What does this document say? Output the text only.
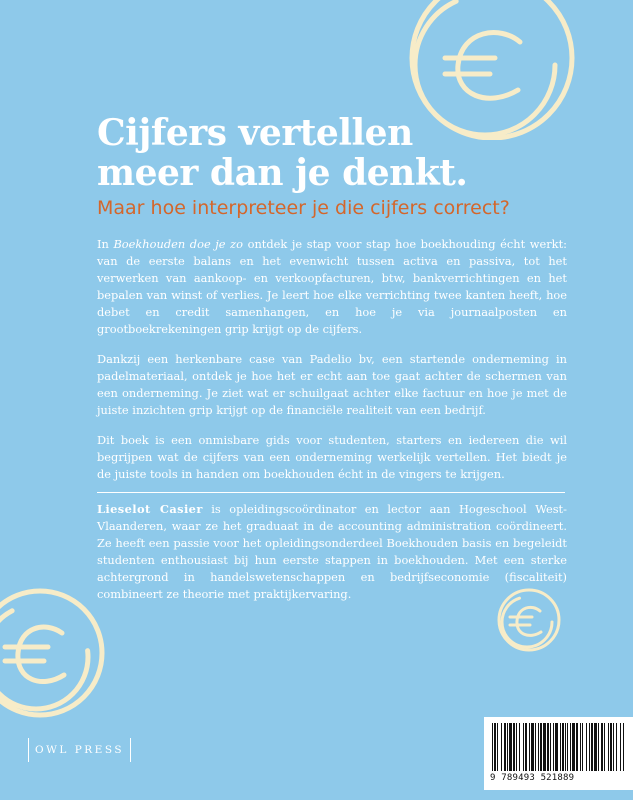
Cijfers vertellen
meer dan je denkt.
Maar hoe interpreteer je die cijfers correct?

In Boekhouden doe je zo ontdek je stap voor stap hoe boekhouding écht werkt: van de eerste balans en het evenwicht tussen activa en passiva, tot het verwerken van aankoop- en verkoopfacturen, btw, bankverrichtingen en het bepalen van winst of verlies. Je leert hoe elke verrichting twee kanten heeft, hoe debet en credit samenhangen, en hoe je via journaalposten en grootboekrekeningen grip krijgt op de cijfers.

Dankzij een herkenbare case van Padelio bv, een startende onderneming in padelmateriaal, ontdek je hoe het er echt aan toe gaat achter de schermen van een onderneming. Je ziet wat er schuilgaat achter elke factuur en hoe je met de juiste inzichten grip krijgt op de financiële realiteit van een bedrijf.

Dit boek is een onmisbare gids voor studenten, starters en iedereen die wil begrijpen wat de cijfers van een onderneming werkelijk vertellen. Het biedt je de juiste tools in handen om boekhouden écht in de vingers te krijgen.

Lieselot Casier is opleidingscoördinator en lector aan Hogeschool West-Vlaanderen, waar ze het graduaat in de accounting administration coördineert. Ze heeft een passie voor het opleidingsonderdeel Boekhouden basis en begeleidt studenten enthousiast bij hun eerste stappen in boekhouden. Met een sterke achtergrond in handelswetenschappen en bedrijfseconomie (fiscaliteit) combineert ze theorie met praktijkervaring.
OWL PRESS
9 789493 521889
